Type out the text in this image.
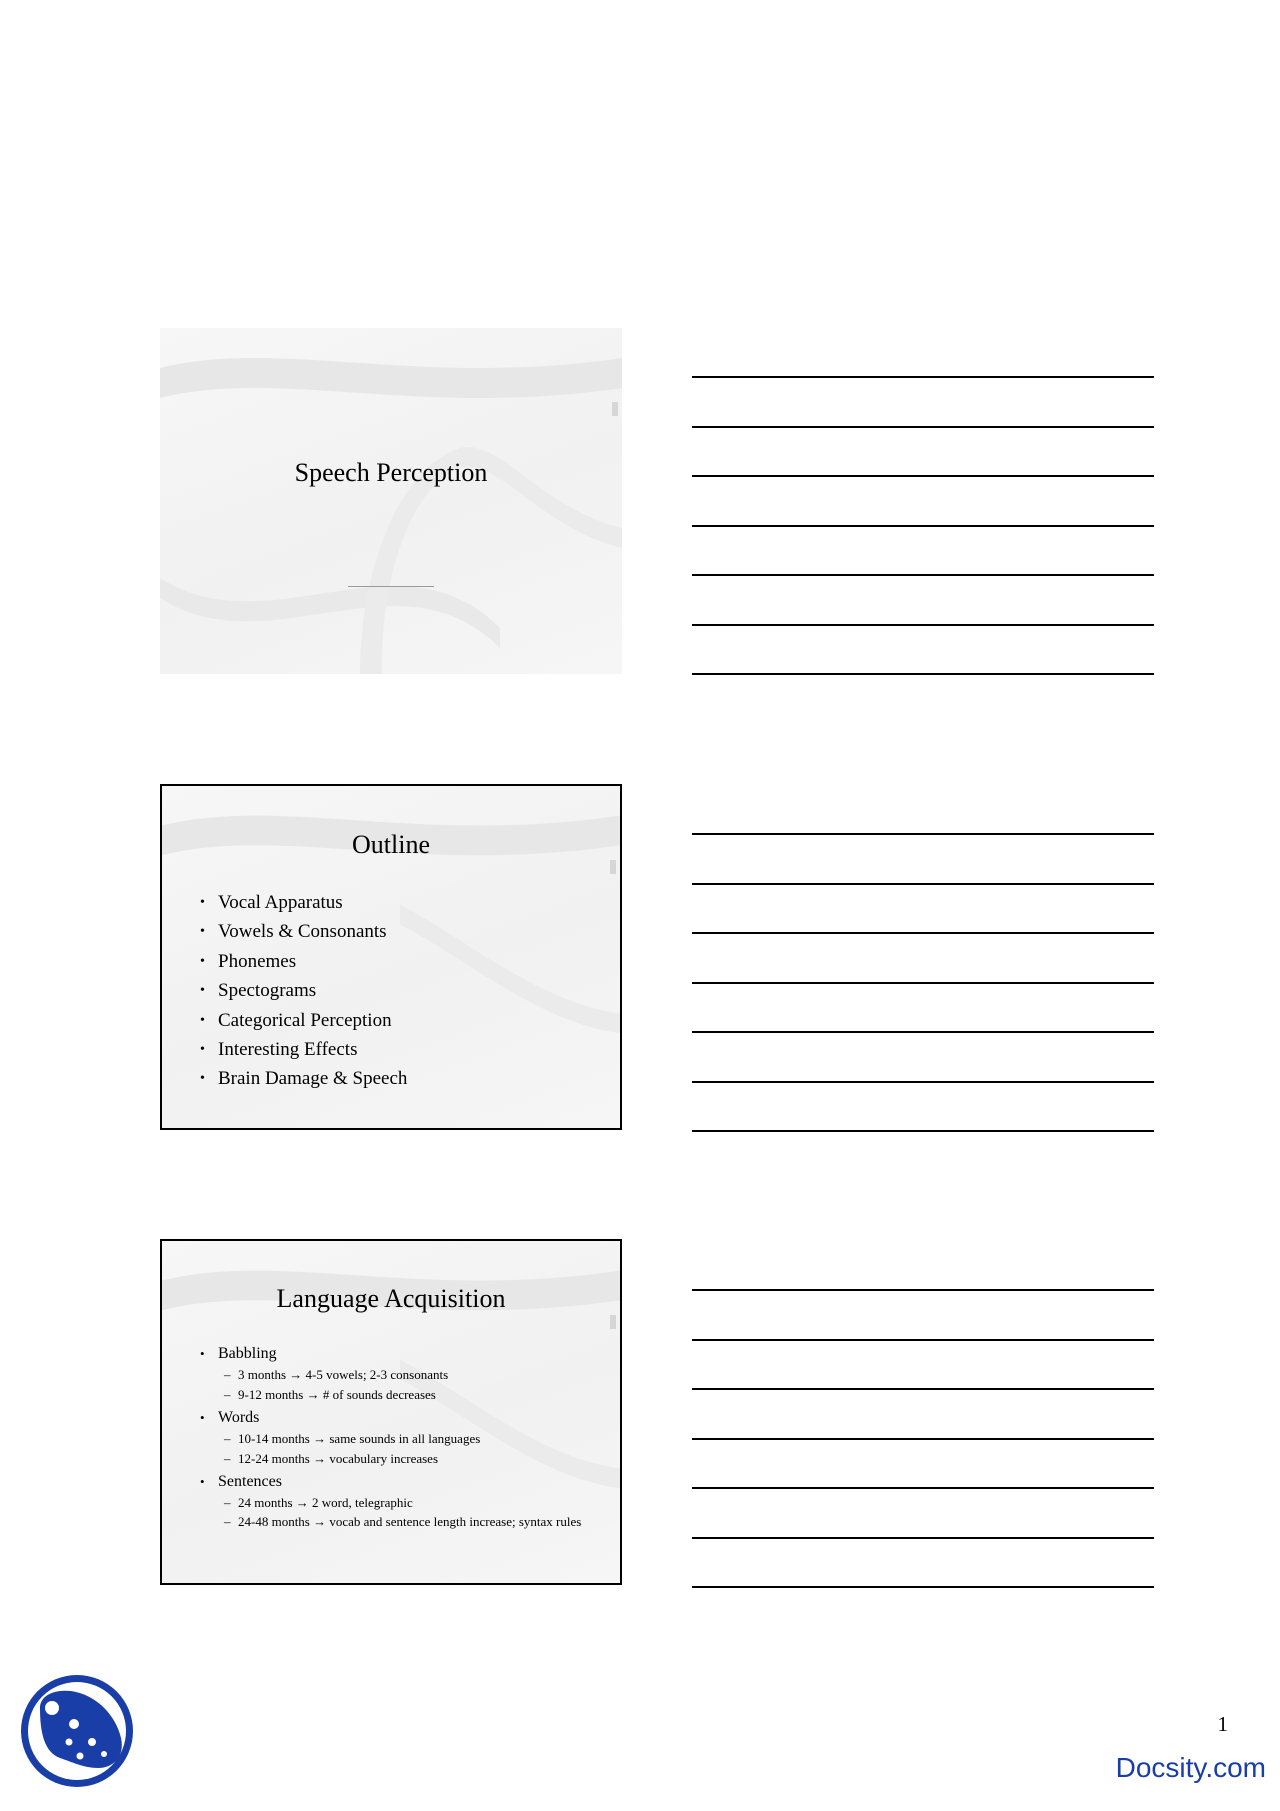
Speech Perception
Outline
• Vocal Apparatus
• Vowels & Consonants
• Phonemes
• Spectograms
• Categorical Perception
• Interesting Effects
• Brain Damage & Speech
Language Acquisition
• Babbling
– 3 months → 4-5 vowels; 2-3 consonants
– 9-12 months → # of sounds decreases
• Words
– 10-14 months → same sounds in all languages
– 12-24 months → vocabulary increases
• Sentences
– 24 months → 2 word, telegraphic
– 24-48 months → vocab and sentence length increase; syntax rules
1
Docsity.com
